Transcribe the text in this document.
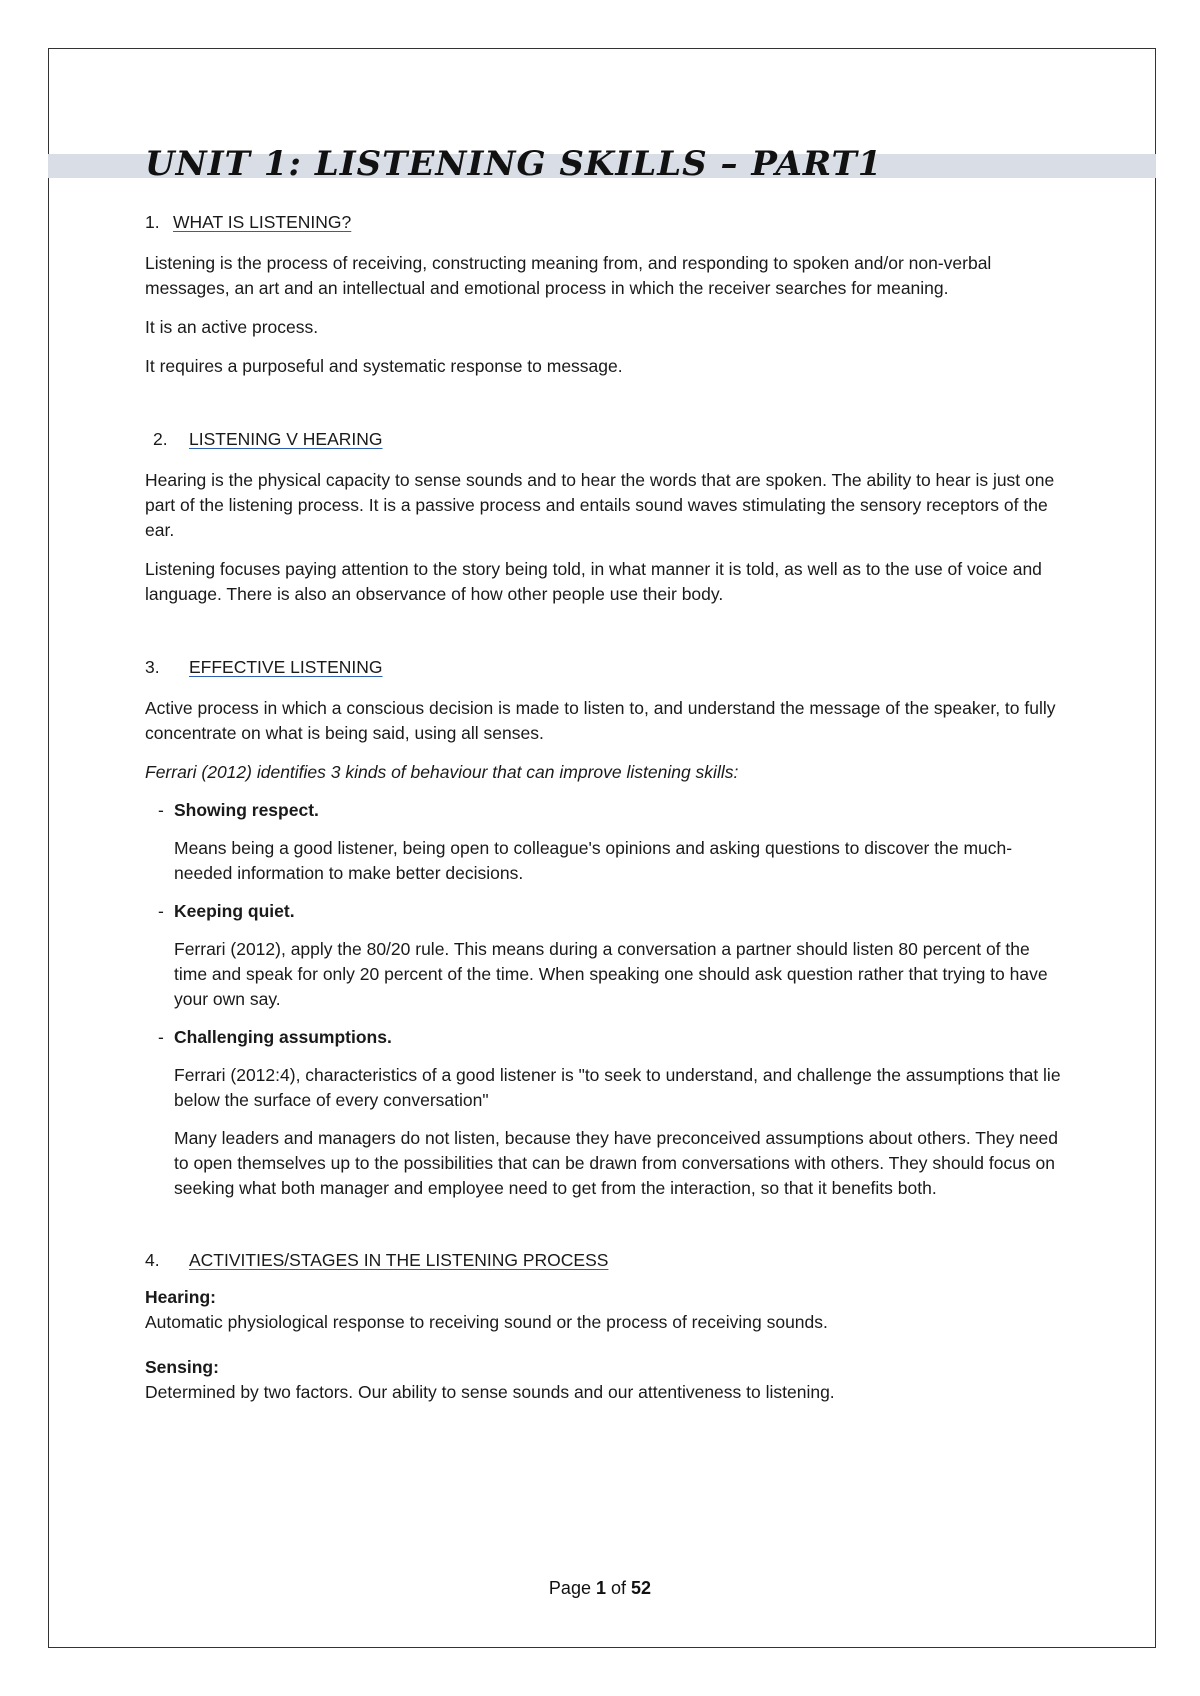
UNIT 1: LISTENING SKILLS – PART1
1. WHAT IS LISTENING?

Listening is the process of receiving, constructing meaning from, and responding to spoken and/or non-verbal messages, an art and an intellectual and emotional process in which the receiver searches for meaning.

It is an active process.

It requires a purposeful and systematic response to message.

2.	LISTENING V HEARING

Hearing is the physical capacity to sense sounds and to hear the words that are spoken. The ability to hear is just one part of the listening process. It is a passive process and entails sound waves stimulating the sensory receptors of the ear.

Listening focuses paying attention to the story being told, in what manner it is told, as well as to the use of voice and language. There is also an observance of how other people use their body.

3.	EFFECTIVE LISTENING

Active process in which a conscious decision is made to listen to, and understand the message of the speaker, to fully concentrate on what is being said, using all senses.

Ferrari (2012) identifies 3 kinds of behaviour that can improve listening skills:

- Showing respect.

Means being a good listener, being open to colleague's opinions and asking questions to discover the much-needed information to make better decisions.

- Keeping quiet.

Ferrari (2012), apply the 80/20 rule. This means during a conversation a partner should listen 80 percent of the time and speak for only 20 percent of the time. When speaking one should ask question rather that trying to have your own say.

- Challenging assumptions.

Ferrari (2012:4), characteristics of a good listener is "to seek to understand, and challenge the assumptions that lie below the surface of every conversation"

Many leaders and managers do not listen, because they have preconceived assumptions about others. They need to open themselves up to the possibilities that can be drawn from conversations with others. They should focus on seeking what both manager and employee need to get from the interaction, so that it benefits both.

4.	ACTIVITIES/STAGES IN THE LISTENING PROCESS

Hearing:

Automatic physiological response to receiving sound or the process of receiving sounds.

Sensing:

Determined by two factors. Our ability to sense sounds and our attentiveness to listening.

Page 1 of 52
